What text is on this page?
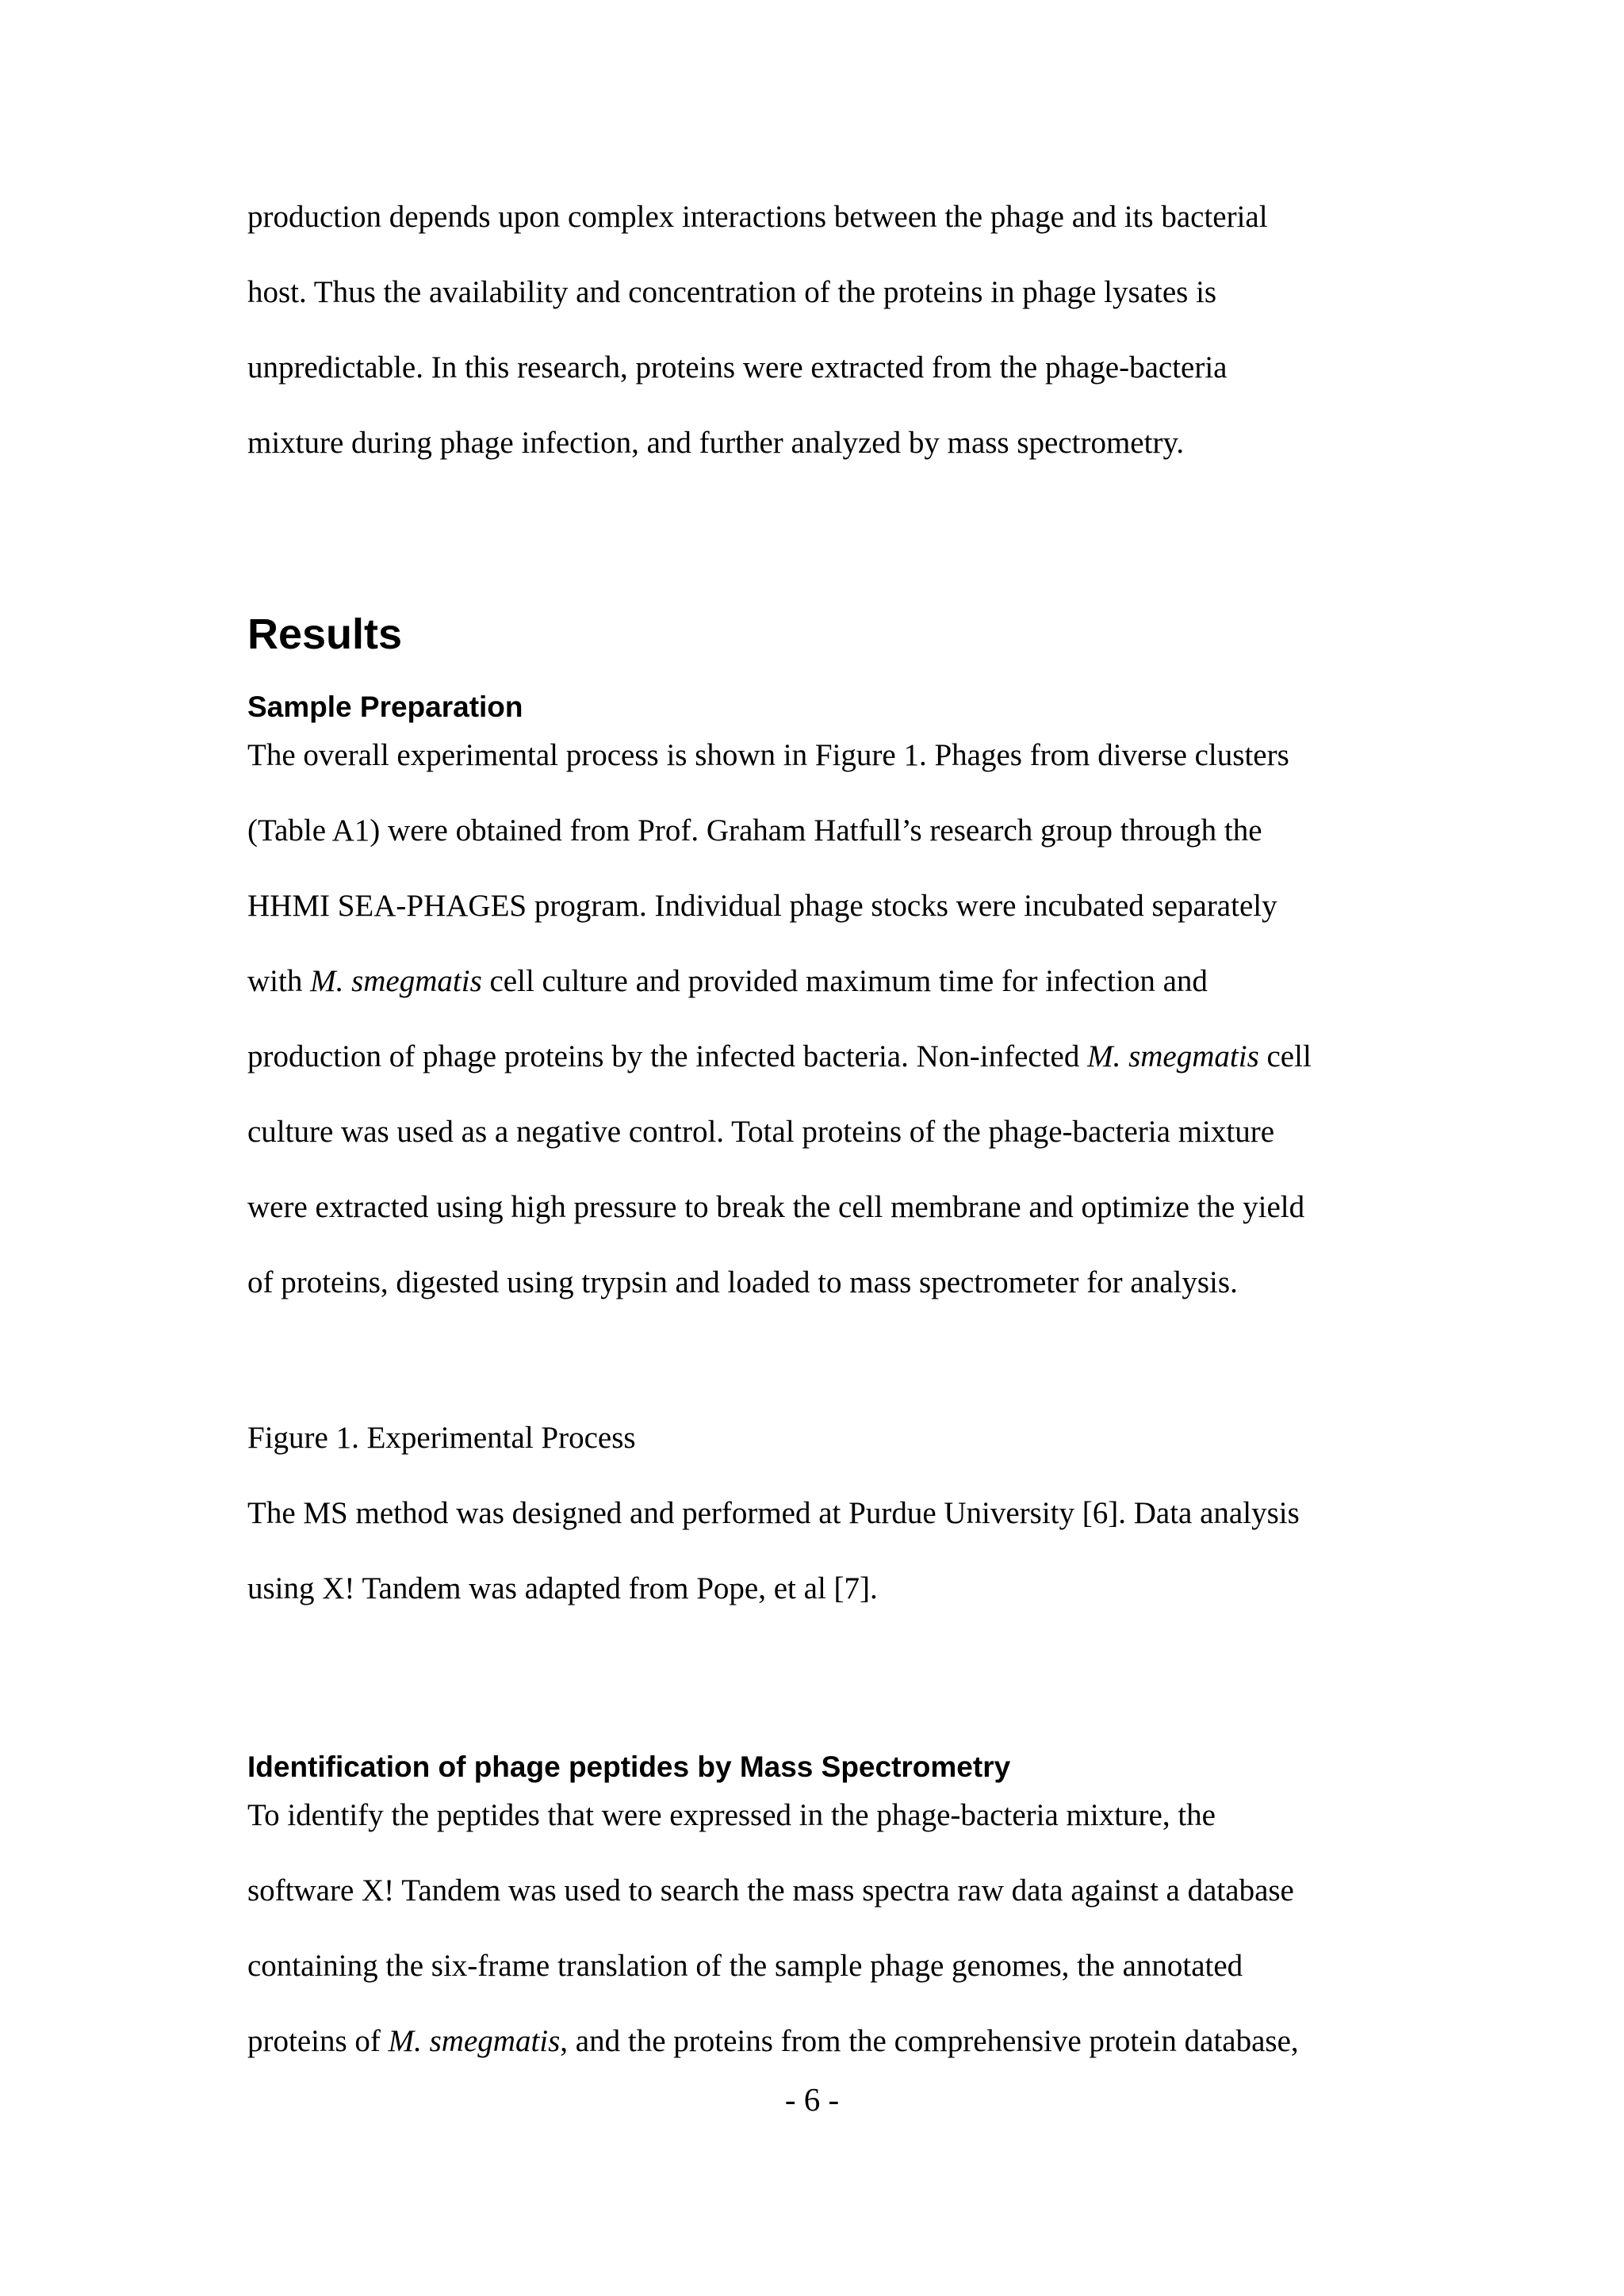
production depends upon complex interactions between the phage and its bacterial
host. Thus the availability and concentration of the proteins in phage lysates is
unpredictable. In this research, proteins were extracted from the phage-bacteria
mixture during phage infection, and further analyzed by mass spectrometry.
Results
Sample Preparation
The overall experimental process is shown in Figure 1. Phages from diverse clusters
(Table A1) were obtained from Prof. Graham Hatfull’s research group through the
HHMI SEA-PHAGES program. Individual phage stocks were incubated separately
with M. smegmatis cell culture and provided maximum time for infection and
production of phage proteins by the infected bacteria. Non-infected M. smegmatis cell
culture was used as a negative control. Total proteins of the phage-bacteria mixture
were extracted using high pressure to break the cell membrane and optimize the yield
of proteins, digested using trypsin and loaded to mass spectrometer for analysis.
Figure 1. Experimental Process
The MS method was designed and performed at Purdue University [6]. Data analysis
using X! Tandem was adapted from Pope, et al [7].
Identification of phage peptides by Mass Spectrometry
To identify the peptides that were expressed in the phage-bacteria mixture, the
software X! Tandem was used to search the mass spectra raw data against a database
containing the six-frame translation of the sample phage genomes, the annotated
proteins of M. smegmatis, and the proteins from the comprehensive protein database,
- 6 -
